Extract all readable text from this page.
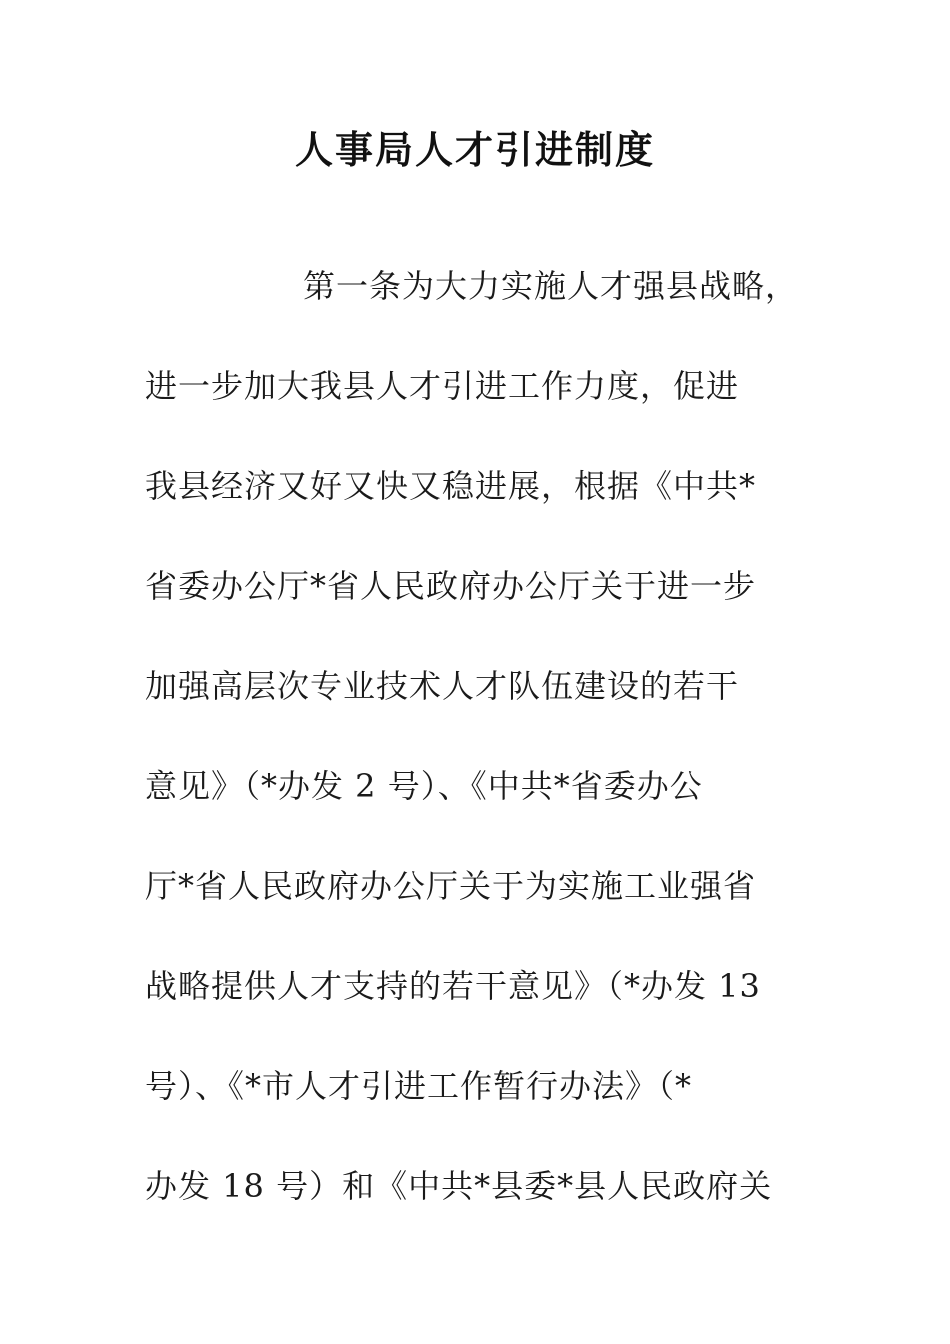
人事局人才引进制度
第一条为大力实施人才强县战略，
进一步加大我县人才引进工作力度，促进
我县经济又好又快又稳进展，根据《中共*
省委办公厅*省人民政府办公厅关于进一步
加强高层次专业技术人才队伍建设的若干
意见》（*办发 2 号）、《中共*省委办公
厅*省人民政府办公厅关于为实施工业强省
战略提供人才支持的若干意见》（*办发 13
号）、《*市人才引进工作暂行办法》（*
办发 18 号）和《中共*县委*县人民政府关
